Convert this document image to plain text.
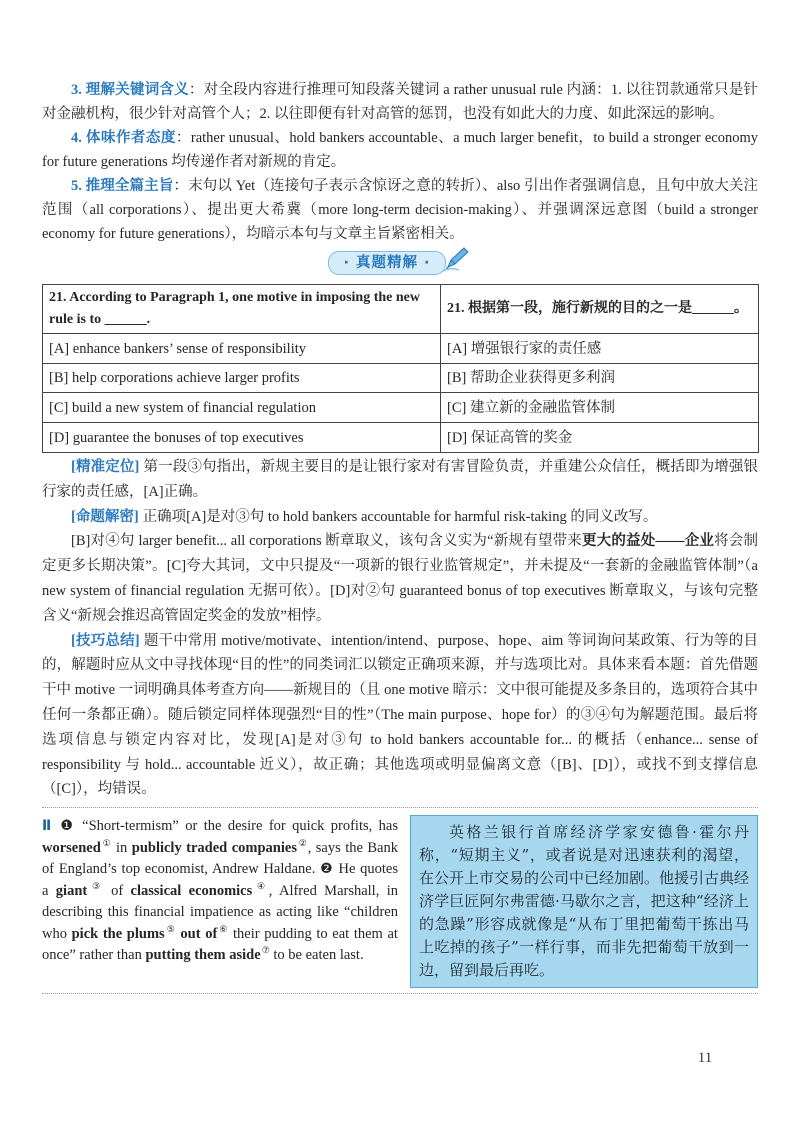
3. 理解关键词含义：对全段内容进行推理可知段落关键词 a rather unusual rule 内涵：1. 以往罚款通常只是针对金融机构，很少针对高管个人；2. 以往即便有针对高管的惩罚，也没有如此大的力度、如此深远的影响。

4. 体味作者态度：rather unusual、hold bankers accountable、a much larger benefit，to build a stronger economy for future generations 均传递作者对新规的肯定。

5. 推理全篇主旨：末句以 Yet（连接句子表示含惊讶之意的转折）、also 引出作者强调信息，且句中放大关注范围（all corporations）、提出更大希冀（more long-term decision-making）、并强调深远意图（build a stronger economy for future generations），均暗示本句与文章主旨紧密相关。

· 真题精解 ·
21. According to Paragraph 1, one motive in imposing the new rule is to ______.	21. 根据第一段，施行新规的目的之一是______。
[A] enhance bankers’ sense of responsibility	[A] 增强银行家的责任感
[B] help corporations achieve larger profits	[B] 帮助企业获得更多利润
[C] build a new system of financial regulation	[C] 建立新的金融监管体制
[D] guarantee the bonuses of top executives	[D] 保证高管的奖金

[精准定位] 第一段③句指出，新规主要目的是让银行家对有害冒险负责，并重建公众信任，概括即为增强银行家的责任感，[A]正确。

[命题解密] 正确项[A]是对③句 to hold bankers accountable for harmful risk-taking 的同义改写。

[B]对④句 larger benefit... all corporations 断章取义，该句含义实为“新规有望带来更大的益处——企业将会制定更多长期决策”。[C]夸大其词，文中只提及“一项新的银行业监管规定”，并未提及“一套新的金融监管体制”（a new system of financial regulation 无据可依）。[D]对②句 guaranteed bonus of top executives 断章取义，与该句完整含义“新规会推迟高管固定奖金的发放”相悖。

[技巧总结] 题干中常用 motive/motivate、intention/intend、purpose、hope、aim 等词询问某政策、行为等的目的，解题时应从文中寻找体现“目的性”的同类词汇以锁定正确项来源，并与选项比对。具体来看本题：首先借题干中 motive 一词明确具体考查方向——新规目的（且 one motive 暗示：文中很可能提及多条目的，选项符合其中任何一条都正确）。随后锁定同样体现强烈“目的性”（The main purpose、hope for）的③④句为解题范围。最后将选项信息与锁定内容对比，发现[A]是对③句 to hold bankers accountable for... 的概括（enhance... sense of responsibility 与 hold... accountable 近义），故正确；其他选项或明显偏离文意（[B]、[D]），或找不到支撑信息（[C]），均错误。

Ⅱ ❶ “Short-termism” or the desire for quick profits, has worsened① in publicly traded companies②, says the Bank of England’s top economist, Andrew Haldane. ❷ He quotes a giant③ of classical economics④, Alfred Marshall, in describing this financial impatience as acting like “children who pick the plums⑤ out of⑥ their pudding to eat them at once” rather than putting them aside⑦ to be eaten last.

英格兰银行首席经济学家安德鲁·霍尔丹称，“短期主义”，或者说是对迅速获利的渴望，在公开上市交易的公司中已经加剧。他援引古典经济学巨匠阿尔弗雷德·马歇尔之言，把这种“经济上的急躁”形容成就像是“从布丁里把葡萄干拣出马上吃掉的孩子”一样行事，而非先把葡萄干放到一边，留到最后再吃。

11
